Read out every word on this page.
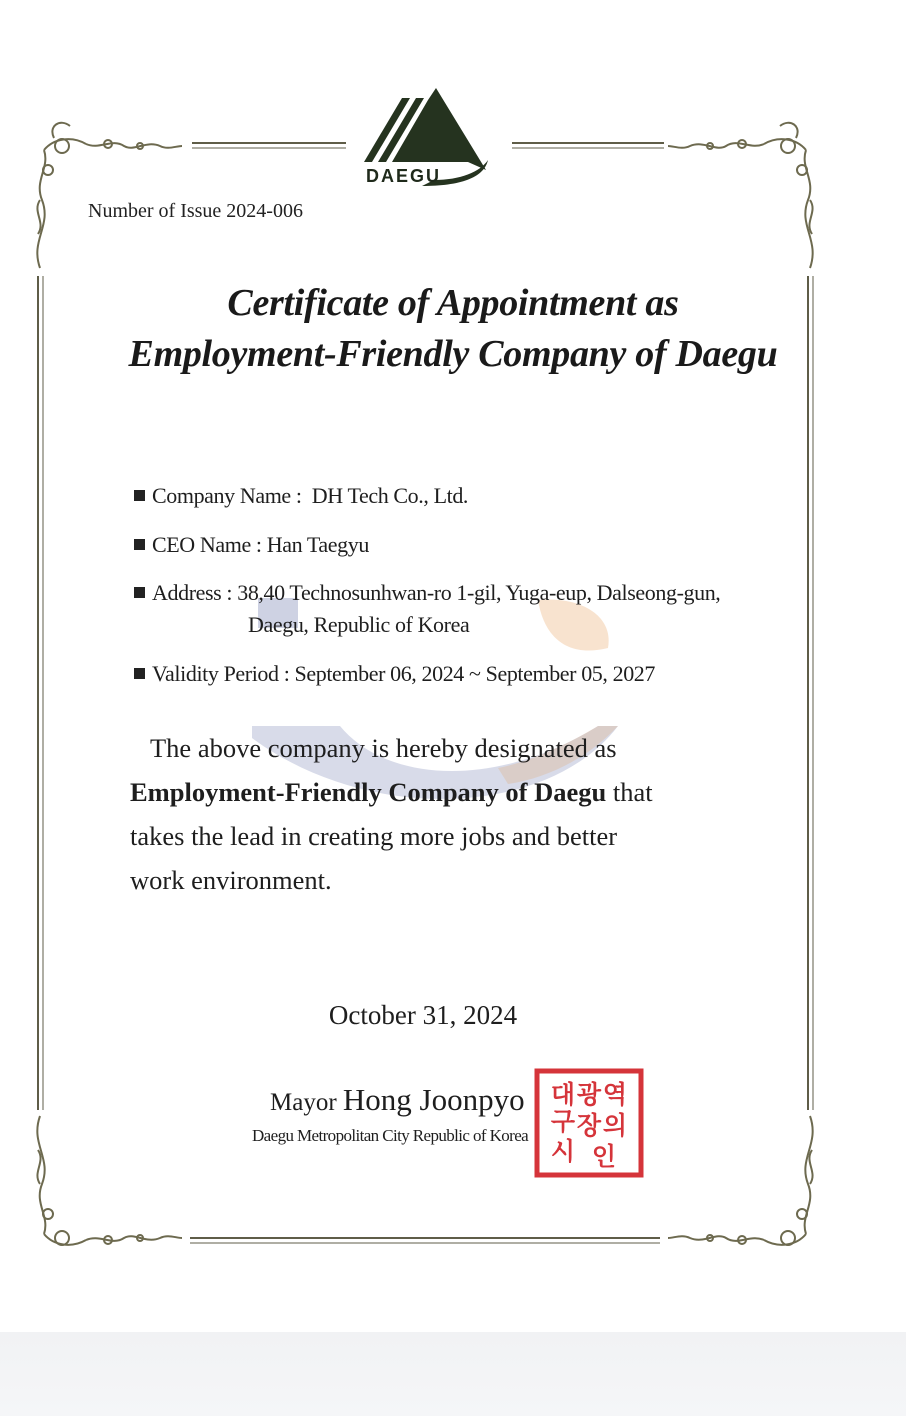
DAEGU
Number of Issue 2024-006
Certificate of Appointment as
Employment-Friendly Company of Daegu
Company Name : DH Tech Co., Ltd.
CEO Name : Han Taegyu
Address : 38,40 Technosunhwan-ro 1-gil, Yuga-eup, Dalseong-gun,
Daegu, Republic of Korea
Validity Period : September 06, 2024 ~ September 05, 2027
The above company is hereby designated as
Employment-Friendly Company of Daegu that
takes the lead in creating more jobs and better
work environment.
October 31, 2024
Mayor Hong Joonpyo
Daegu Metropolitan City Republic of Korea
대
구
광 역
시
장 의
인
